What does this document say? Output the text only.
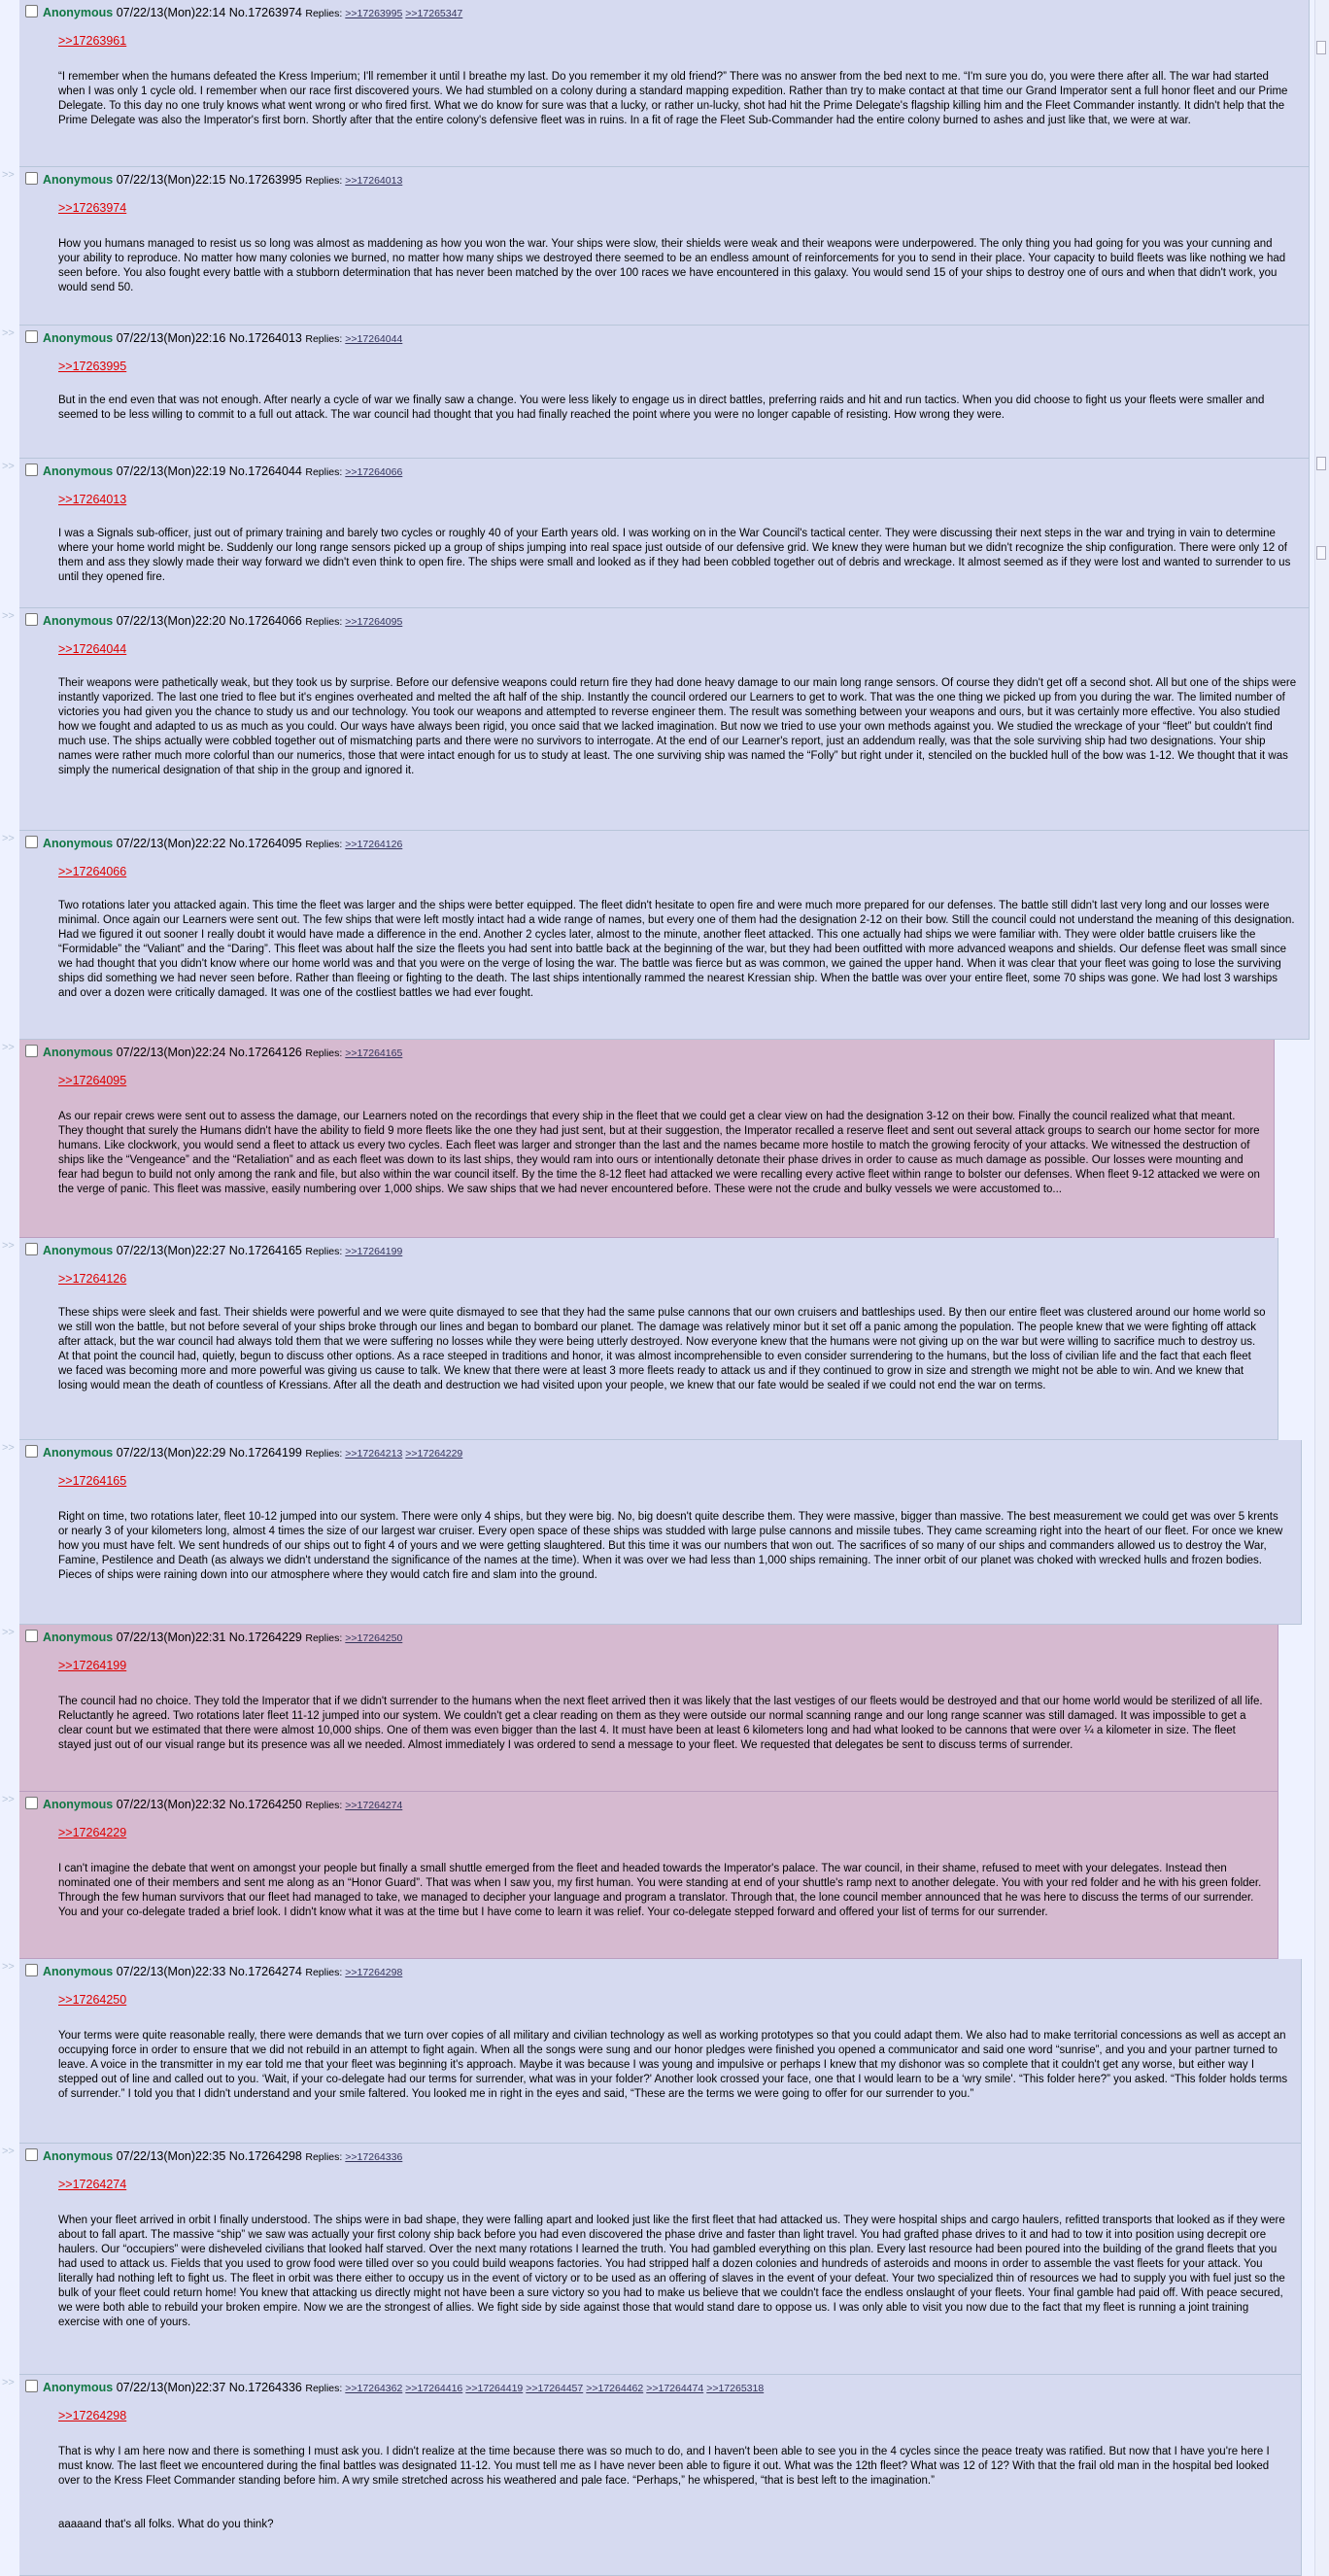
Anonymous 07/22/13(Mon)22:14 No.17263974 Replies: >>17263995 >>17265347
>>17263961

“I remember when the humans defeated the Kress Imperium; I'll remember it until I breathe my last. Do you remember it my old friend?” There was no answer from the bed next to me. “I'm sure you do, you were there after all. The war had started when I was only 1 cycle old. I remember when our race first discovered yours. We had stumbled on a colony during a standard mapping expedition. Rather than try to make contact at that time our Grand Imperator sent a full honor fleet and our Prime Delegate. To this day no one truly knows what went wrong or who fired first. What we do know for sure was that a lucky, or rather un-lucky, shot had hit the Prime Delegate's flagship killing him and the Fleet Commander instantly. It didn't help that the Prime Delegate was also the Imperator's first born. Shortly after that the entire colony's defensive fleet was in ruins. In a fit of rage the Fleet Sub-Commander had the entire colony burned to ashes and just like that, we were at war.

>>	Anonymous 07/22/13(Mon)22:15 No.17263995 Replies: >>17264013
>>17263974

How you humans managed to resist us so long was almost as maddening as how you won the war. Your ships were slow, their shields were weak and their weapons were underpowered. The only thing you had going for you was your cunning and your ability to reproduce. No matter how many colonies we burned, no matter how many ships we destroyed there seemed to be an endless amount of reinforcements for you to send in their place. Your capacity to build fleets was like nothing we had seen before. You also fought every battle with a stubborn determination that has never been matched by the over 100 races we have encountered in this galaxy. You would send 15 of your ships to destroy one of ours and when that didn't work, you would send 50.

>>	Anonymous 07/22/13(Mon)22:16 No.17264013 Replies: >>17264044
>>17263995

But in the end even that was not enough. After nearly a cycle of war we finally saw a change. You were less likely to engage us in direct battles, preferring raids and hit and run tactics. When you did choose to fight us your fleets were smaller and seemed to be less willing to commit to a full out attack. The war council had thought that you had finally reached the point where you were no longer capable of resisting. How wrong they were.

>>	Anonymous 07/22/13(Mon)22:19 No.17264044 Replies: >>17264066
>>17264013

I was a Signals sub-officer, just out of primary training and barely two cycles or roughly 40 of your Earth years old. I was working on in the War Council's tactical center. They were discussing their next steps in the war and trying in vain to determine where your home world might be. Suddenly our long range sensors picked up a group of ships jumping into real space just outside of our defensive grid. We knew they were human but we didn't recognize the ship configuration. There were only 12 of them and ass they slowly made their way forward we didn't even think to open fire. The ships were small and looked as if they had been cobbled together out of debris and wreckage. It almost seemed as if they were lost and wanted to surrender to us until they opened fire.

>>	Anonymous 07/22/13(Mon)22:20 No.17264066 Replies: >>17264095
>>17264044

Their weapons were pathetically weak, but they took us by surprise. Before our defensive weapons could return fire they had done heavy damage to our main long range sensors. Of course they didn't get off a second shot. All but one of the ships were instantly vaporized. The last one tried to flee but it's engines overheated and melted the aft half of the ship. Instantly the council ordered our Learners to get to work. That was the one thing we picked up from you during the war. The limited number of victories you had given you the chance to study us and our technology. You took our weapons and attempted to reverse engineer them. The result was something between your weapons and ours, but it was certainly more effective. You also studied how we fought and adapted to us as much as you could. Our ways have always been rigid, you once said that we lacked imagination. But now we tried to use your own methods against you. We studied the wreckage of your “fleet” but couldn't find much use. The ships actually were cobbled together out of mismatching parts and there were no survivors to interrogate. At the end of our Learner's report, just an addendum really, was that the sole surviving ship had two designations. Your ship names were rather much more colorful than our numerics, those that were intact enough for us to study at least. The one surviving ship was named the “Folly” but right under it, stenciled on the buckled hull of the bow was 1-12. We thought that it was simply the numerical designation of that ship in the group and ignored it.

>>	Anonymous 07/22/13(Mon)22:22 No.17264095 Replies: >>17264126
>>17264066

Two rotations later you attacked again. This time the fleet was larger and the ships were better equipped. The fleet didn't hesitate to open fire and were much more prepared for our defenses. The battle still didn't last very long and our losses were minimal. Once again our Learners were sent out. The few ships that were left mostly intact had a wide range of names, but every one of them had the designation 2-12 on their bow. Still the council could not understand the meaning of this designation. Had we figured it out sooner I really doubt it would have made a difference in the end. Another 2 cycles later, almost to the minute, another fleet attacked. This one actually had ships we were familiar with. They were older battle cruisers like the “Formidable” the “Valiant” and the “Daring”. This fleet was about half the size the fleets you had sent into battle back at the beginning of the war, but they had been outfitted with more advanced weapons and shields. Our defense fleet was small since we had thought that you didn't know where our home world was and that you were on the verge of losing the war. The battle was fierce but as was common, we gained the upper hand. When it was clear that your fleet was going to lose the surviving ships did something we had never seen before. Rather than fleeing or fighting to the death. The last ships intentionally rammed the nearest Kressian ship. When the battle was over your entire fleet, some 70 ships was gone. We had lost 3 warships and over a dozen were critically damaged. It was one of the costliest battles we had ever fought.

>>	Anonymous 07/22/13(Mon)22:24 No.17264126 Replies: >>17264165
>>17264095

As our repair crews were sent out to assess the damage, our Learners noted on the recordings that every ship in the fleet that we could get a clear view on had the designation 3-12 on their bow. Finally the council realized what that meant. They thought that surely the Humans didn't have the ability to field 9 more fleets like the one they had just sent, but at their suggestion, the Imperator recalled a reserve fleet and sent out several attack groups to search our home sector for more humans. Like clockwork, you would send a fleet to attack us every two cycles. Each fleet was larger and stronger than the last and the names became more hostile to match the growing ferocity of your attacks. We witnessed the destruction of ships like the “Vengeance” and the “Retaliation” and as each fleet was down to its last ships, they would ram into ours or intentionally detonate their phase drives in order to cause as much damage as possible. Our losses were mounting and fear had begun to build not only among the rank and file, but also within the war council itself. By the time the 8-12 fleet had attacked we were recalling every active fleet within range to bolster our defenses. When fleet 9-12 attacked we were on the verge of panic. This fleet was massive, easily numbering over 1,000 ships. We saw ships that we had never encountered before. These were not the crude and bulky vessels we were accustomed to...

>>	Anonymous 07/22/13(Mon)22:27 No.17264165 Replies: >>17264199
>>17264126

These ships were sleek and fast. Their shields were powerful and we were quite dismayed to see that they had the same pulse cannons that our own cruisers and battleships used. By then our entire fleet was clustered around our home world so we still won the battle, but not before several of your ships broke through our lines and began to bombard our planet. The damage was relatively minor but it set off a panic among the population. The people knew that we were fighting off attack after attack, but the war council had always told them that we were suffering no losses while they were being utterly destroyed. Now everyone knew that the humans were not giving up on the war but were willing to sacrifice much to destroy us. At that point the council had, quietly, begun to discuss other options. As a race steeped in traditions and honor, it was almost incomprehensible to even consider surrendering to the humans, but the loss of civilian life and the fact that each fleet we faced was becoming more and more powerful was giving us cause to talk. We knew that there were at least 3 more fleets ready to attack us and if they continued to grow in size and strength we might not be able to win. And we knew that losing would mean the death of countless of Kressians. After all the death and destruction we had visited upon your people, we knew that our fate would be sealed if we could not end the war on terms.

>>	Anonymous 07/22/13(Mon)22:29 No.17264199 Replies: >>17264213 >>17264229
>>17264165

Right on time, two rotations later, fleet 10-12 jumped into our system. There were only 4 ships, but they were big. No, big doesn't quite describe them. They were massive, bigger than massive. The best measurement we could get was over 5 krents or nearly 3 of your kilometers long, almost 4 times the size of our largest war cruiser. Every open space of these ships was studded with large pulse cannons and missile tubes. They came screaming right into the heart of our fleet. For once we knew how you must have felt. We sent hundreds of our ships out to fight 4 of yours and we were getting slaughtered. But this time it was our numbers that won out. The sacrifices of so many of our ships and commanders allowed us to destroy the War, Famine, Pestilence and Death (as always we didn't understand the significance of the names at the time). When it was over we had less than 1,000 ships remaining. The inner orbit of our planet was choked with wrecked hulls and frozen bodies. Pieces of ships were raining down into our atmosphere where they would catch fire and slam into the ground.

>>	Anonymous 07/22/13(Mon)22:31 No.17264229 Replies: >>17264250
>>17264199

The council had no choice. They told the Imperator that if we didn't surrender to the humans when the next fleet arrived then it was likely that the last vestiges of our fleets would be destroyed and that our home world would be sterilized of all life. Reluctantly he agreed. Two rotations later fleet 11-12 jumped into our system. We couldn't get a clear reading on them as they were outside our normal scanning range and our long range scanner was still damaged. It was impossible to get a clear count but we estimated that there were almost 10,000 ships. One of them was even bigger than the last 4. It must have been at least 6 kilometers long and had what looked to be cannons that were over ¼ a kilometer in size. The fleet stayed just out of our visual range but its presence was all we needed. Almost immediately I was ordered to send a message to your fleet. We requested that delegates be sent to discuss terms of surrender.

>>	Anonymous 07/22/13(Mon)22:32 No.17264250 Replies: >>17264274
>>17264229

I can't imagine the debate that went on amongst your people but finally a small shuttle emerged from the fleet and headed towards the Imperator's palace. The war council, in their shame, refused to meet with your delegates. Instead then nominated one of their members and sent me along as an “Honor Guard”. That was when I saw you, my first human. You were standing at end of your shuttle's ramp next to another delegate. You with your red folder and he with his green folder. Through the few human survivors that our fleet had managed to take, we managed to decipher your language and program a translator. Through that, the lone council member announced that he was here to discuss the terms of our surrender. You and your co-delegate traded a brief look. I didn't know what it was at the time but I have come to learn it was relief. Your co-delegate stepped forward and offered your list of terms for our surrender.

>>	Anonymous 07/22/13(Mon)22:33 No.17264274 Replies: >>17264298
>>17264250

Your terms were quite reasonable really, there were demands that we turn over copies of all military and civilian technology as well as working prototypes so that you could adapt them. We also had to make territorial concessions as well as accept an occupying force in order to ensure that we did not rebuild in an attempt to fight again. When all the songs were sung and our honor pledges were finished you opened a communicator and said one word “sunrise”, and you and your partner turned to leave. A voice in the transmitter in my ear told me that your fleet was beginning it's approach. Maybe it was because I was young and impulsive or perhaps I knew that my dishonor was so complete that it couldn't get any worse, but either way I stepped out of line and called out to you. ‘Wait, if your co-delegate had our terms for surrender, what was in your folder?' Another look crossed your face, one that I would learn to be a ‘wry smile'. “This folder here?” you asked. “This folder holds terms of surrender.” I told you that I didn't understand and your smile faltered. You looked me in right in the eyes and said, “These are the terms we were going to offer for our surrender to you.”

>>	Anonymous 07/22/13(Mon)22:35 No.17264298 Replies: >>17264336
>>17264274

When your fleet arrived in orbit I finally understood. The ships were in bad shape, they were falling apart and looked just like the first fleet that had attacked us. They were hospital ships and cargo haulers, refitted transports that looked as if they were about to fall apart. The massive “ship” we saw was actually your first colony ship back before you had even discovered the phase drive and faster than light travel. You had grafted phase drives to it and had to tow it into position using decrepit ore haulers. Our “occupiers” were disheveled civilians that looked half starved. Over the next many rotations I learned the truth. You had gambled everything on this plan. Every last resource had been poured into the building of the grand fleets that you had used to attack us. Fields that you used to grow food were tilled over so you could build weapons factories. You had stripped half a dozen colonies and hundreds of asteroids and moons in order to assemble the vast fleets for your attack. You literally had nothing left to fight us. The fleet in orbit was there either to occupy us in the event of victory or to be used as an offering of slaves in the event of your defeat. Your two specialized thin of resources we had to supply you with fuel just so the bulk of your fleet could return home! You knew that attacking us directly might not have been a sure victory so you had to make us believe that we couldn't face the endless onslaught of your fleets. Your final gamble had paid off. With peace secured, we were both able to rebuild your broken empire. Now we are the strongest of allies. We fight side by side against those that would stand dare to oppose us. I was only able to visit you now due to the fact that my fleet is running a joint training exercise with one of yours.

>>	Anonymous 07/22/13(Mon)22:37 No.17264336 Replies: >>17264362 >>17264416 >>17264419 >>17264457 >>17264462 >>17264474 >>17265318
>>17264298

That is why I am here now and there is something I must ask you. I didn't realize at the time because there was so much to do, and I haven't been able to see you in the 4 cycles since the peace treaty was ratified. But now that I have you're here I must know. The last fleet we encountered during the final battles was designated 11-12. You must tell me as I have never been able to figure it out. What was the 12th fleet? What was 12 of 12? With that the frail old man in the hospital bed looked over to the Kress Fleet Commander standing before him. A wry smile stretched across his weathered and pale face. “Perhaps,” he whispered, “that is best left to the imagination.”

aaaaand that's all folks. What do you think?
